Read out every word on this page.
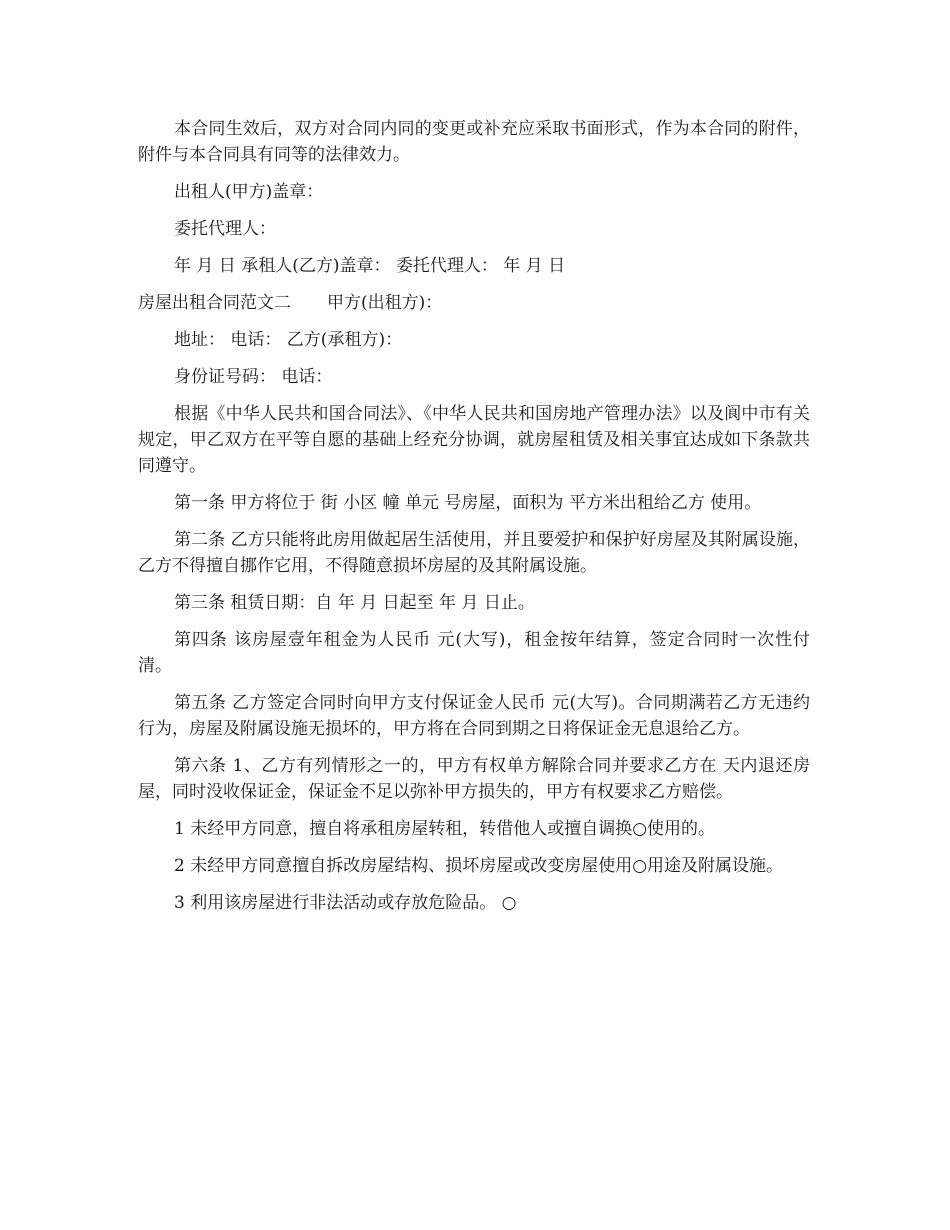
本合同生效后，双方对合同内同的变更或补充应采取书面形式，作为本合同的附件，附件与本合同具有同等的法律效力。

出租人(甲方)盖章：

委托代理人：

年 月 日 承租人(乙方)盖章： 委托代理人： 年 月 日

房屋出租合同范文二 甲方(出租方)：

地址： 电话： 乙方(承租方)：

身份证号码： 电话：

根据《中华人民共和国合同法》、《中华人民共和国房地产管理办法》以及阆中市有关规定，甲乙双方在平等自愿的基础上经充分协调，就房屋租赁及相关事宜达成如下条款共同遵守。

第一条 甲方将位于 街 小区 幢 单元 号房屋，面积为 平方米出租给乙方 使用。

第二条 乙方只能将此房用做起居生活使用，并且要爱护和保护好房屋及其附属设施，乙方不得擅自挪作它用，不得随意损坏房屋的及其附属设施。

第三条 租赁日期：自 年 月 日起至 年 月 日止。

第四条 该房屋壹年租金为人民币 元(大写)，租金按年结算，签定合同时一次性付清。

第五条 乙方签定合同时向甲方支付保证金人民币 元(大写)。合同期满若乙方无违约行为，房屋及附属设施无损坏的，甲方将在合同到期之日将保证金无息退给乙方。

第六条 1、乙方有列情形之一的，甲方有权单方解除合同并要求乙方在 天内退还房屋，同时没收保证金，保证金不足以弥补甲方损失的，甲方有权要求乙方赔偿。

1 未经甲方同意，擅自将承租房屋转租，转借他人或擅自调换○使用的。

2 未经甲方同意擅自拆改房屋结构、损坏房屋或改变房屋使用○用途及附属设施。

3 利用该房屋进行非法活动或存放危险品。 ○
